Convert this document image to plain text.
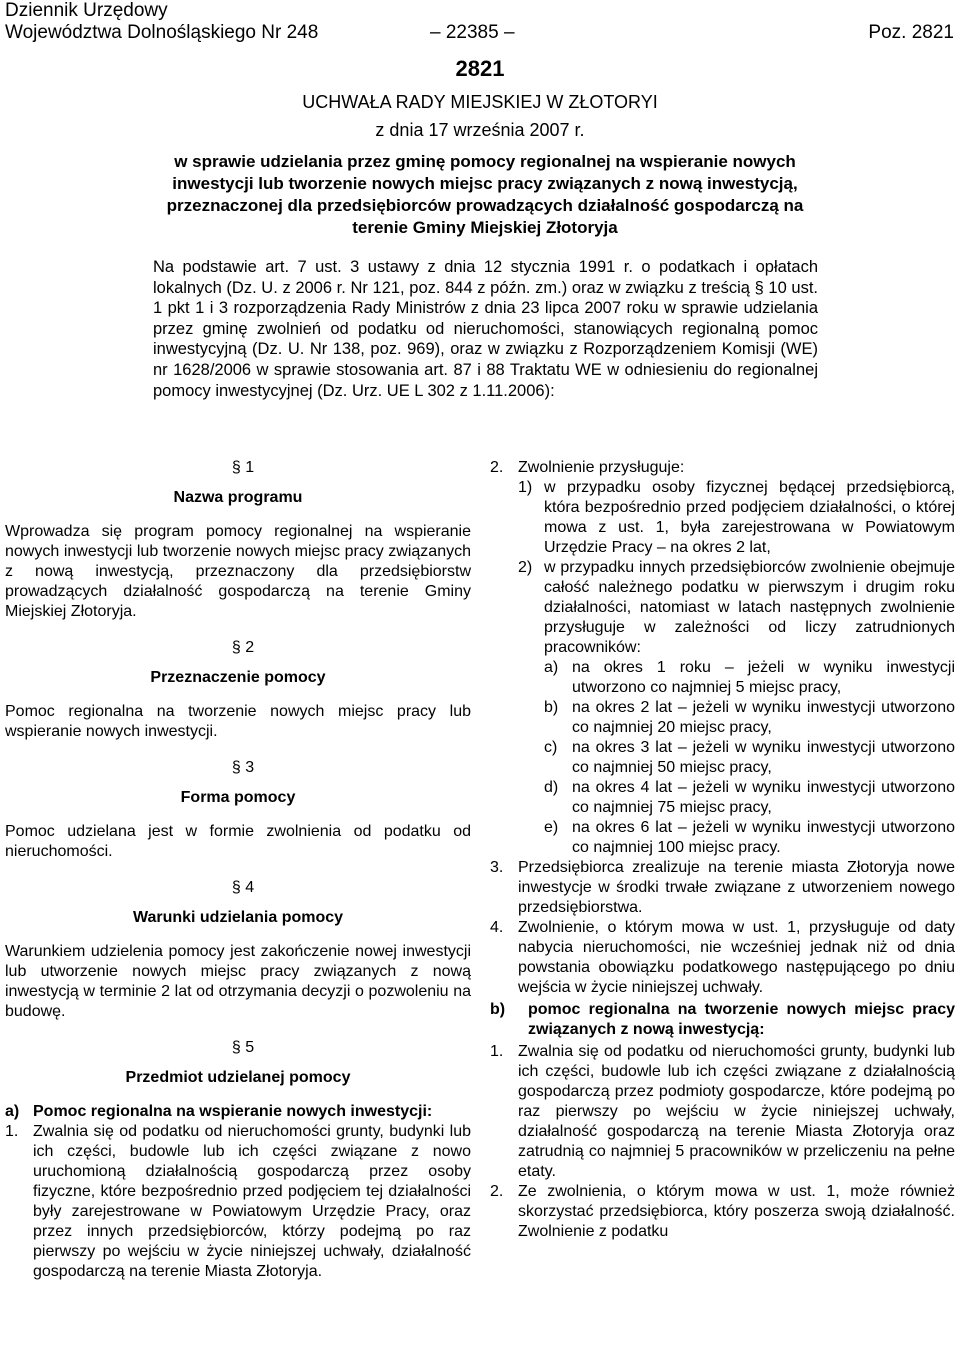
Dziennik Urzędowy
Województwa Dolnośląskiego Nr 248	– 22385 –	Poz. 2821
2821
UCHWAŁA RADY MIEJSKIEJ W ZŁOTORYI
z dnia 17 września 2007 r.
w sprawie udzielania przez gminę pomocy regionalnej na wspieranie nowych inwestycji lub tworzenie nowych miejsc pracy związanych z nową inwestycją, przeznaczonej dla przedsiębiorców prowadzących działalność gospodarczą na terenie Gminy Miejskiej Złotoryja

Na podstawie art. 7 ust. 3 ustawy z dnia 12 stycznia 1991 r. o podatkach i opłatach lokalnych (Dz. U. z 2006 r. Nr 121, poz. 844 z późn. zm.) oraz w związku z treścią § 10 ust. 1 pkt 1 i 3 rozporządzenia Rady Ministrów z dnia 23 lipca 2007 roku w sprawie udzielania przez gminę zwolnień od podatku od nieruchomości, stanowiących regionalną pomoc inwestycyjną (Dz. U. Nr 138, poz. 969), oraz w związku z Rozporządzeniem Komisji (WE) nr 1628/2006 w sprawie stosowania art. 87 i 88 Traktatu WE w odniesieniu do regionalnej pomocy inwestycyjnej (Dz. Urz. UE L 302 z 1.11.2006):

§ 1

Nazwa programu

Wprowadza się program pomocy regionalnej na wspieranie nowych inwestycji lub tworzenie nowych miejsc pracy związanych z nową inwestycją, przeznaczony dla przedsiębiorstw prowadzących działalność gospodarczą na terenie Gminy Miejskiej Złotoryja.

§ 2

Przeznaczenie pomocy

Pomoc regionalna na tworzenie nowych miejsc pracy lub wspieranie nowych inwestycji.

§ 3

Forma pomocy

Pomoc udzielana jest w formie zwolnienia od podatku od nieruchomości.

§ 4

Warunki udzielania pomocy

Warunkiem udzielenia pomocy jest zakończenie nowej inwestycji lub utworzenie nowych miejsc pracy związanych z nową inwestycją w terminie 2 lat od otrzymania decyzji o pozwoleniu na budowę.

§ 5

Przedmiot udzielanej pomocy

a) Pomoc regionalna na wspieranie nowych inwestycji:
1. Zwalnia się od podatku od nieruchomości grunty, budynki lub ich części, budowle lub ich części związane z nowo uruchomioną działalnością gospodarczą przez osoby fizyczne, które bezpośrednio przed podjęciem tej działalności były zarejestrowane w Powiatowym Urzędzie Pracy, oraz przez innych przedsiębiorców, którzy podejmą po raz pierwszy po wejściu w życie niniejszej uchwały, działalność gospodarczą na terenie Miasta Złotoryja.
2. Zwolnienie przysługuje:
1) w przypadku osoby fizycznej będącej przedsiębiorcą, która bezpośrednio przed podjęciem działalności, o której mowa z ust. 1, była zarejestrowana w Powiatowym Urzędzie Pracy – na okres 2 lat,
2) w przypadku innych przedsiębiorców zwolnienie obejmuje całość należnego podatku w pierwszym i drugim roku działalności, natomiast w latach następnych zwolnienie przysługuje w zależności od liczy zatrudnionych pracowników:
a) na okres 1 roku – jeżeli w wyniku inwestycji utworzono co najmniej 5 miejsc pracy,
b) na okres 2 lat – jeżeli w wyniku inwestycji utworzono co najmniej 20 miejsc pracy,
c) na okres 3 lat – jeżeli w wyniku inwestycji utworzono co najmniej 50 miejsc pracy,
d) na okres 4 lat – jeżeli w wyniku inwestycji utworzono co najmniej 75 miejsc pracy,
e) na okres 6 lat – jeżeli w wyniku inwestycji utworzono co najmniej 100 miejsc pracy.
3. Przedsiębiorca zrealizuje na terenie miasta Złotoryja nowe inwestycje w środki trwałe związane z utworzeniem nowego przedsiębiorstwa.
4. Zwolnienie, o którym mowa w ust. 1, przysługuje od daty nabycia nieruchomości, nie wcześniej jednak niż od dnia powstania obowiązku podatkowego następującego po dniu wejścia w życie niniejszej uchwały.
b) pomoc regionalna na tworzenie nowych miejsc pracy związanych z nową inwestycją:
1. Zwalnia się od podatku od nieruchomości grunty, budynki lub ich części, budowle lub ich części związane z działalnością gospodarczą przez podmioty gospodarcze, które podejmą po raz pierwszy po wejściu w życie niniejszej uchwały, działalność gospodarczą na terenie Miasta Złotoryja oraz zatrudnią co najmniej 5 pracowników w przeliczeniu na pełne etaty.
2. Ze zwolnienia, o którym mowa w ust. 1, może również skorzystać przedsiębiorca, który poszerza swoją działalność. Zwolnienie z podatku
